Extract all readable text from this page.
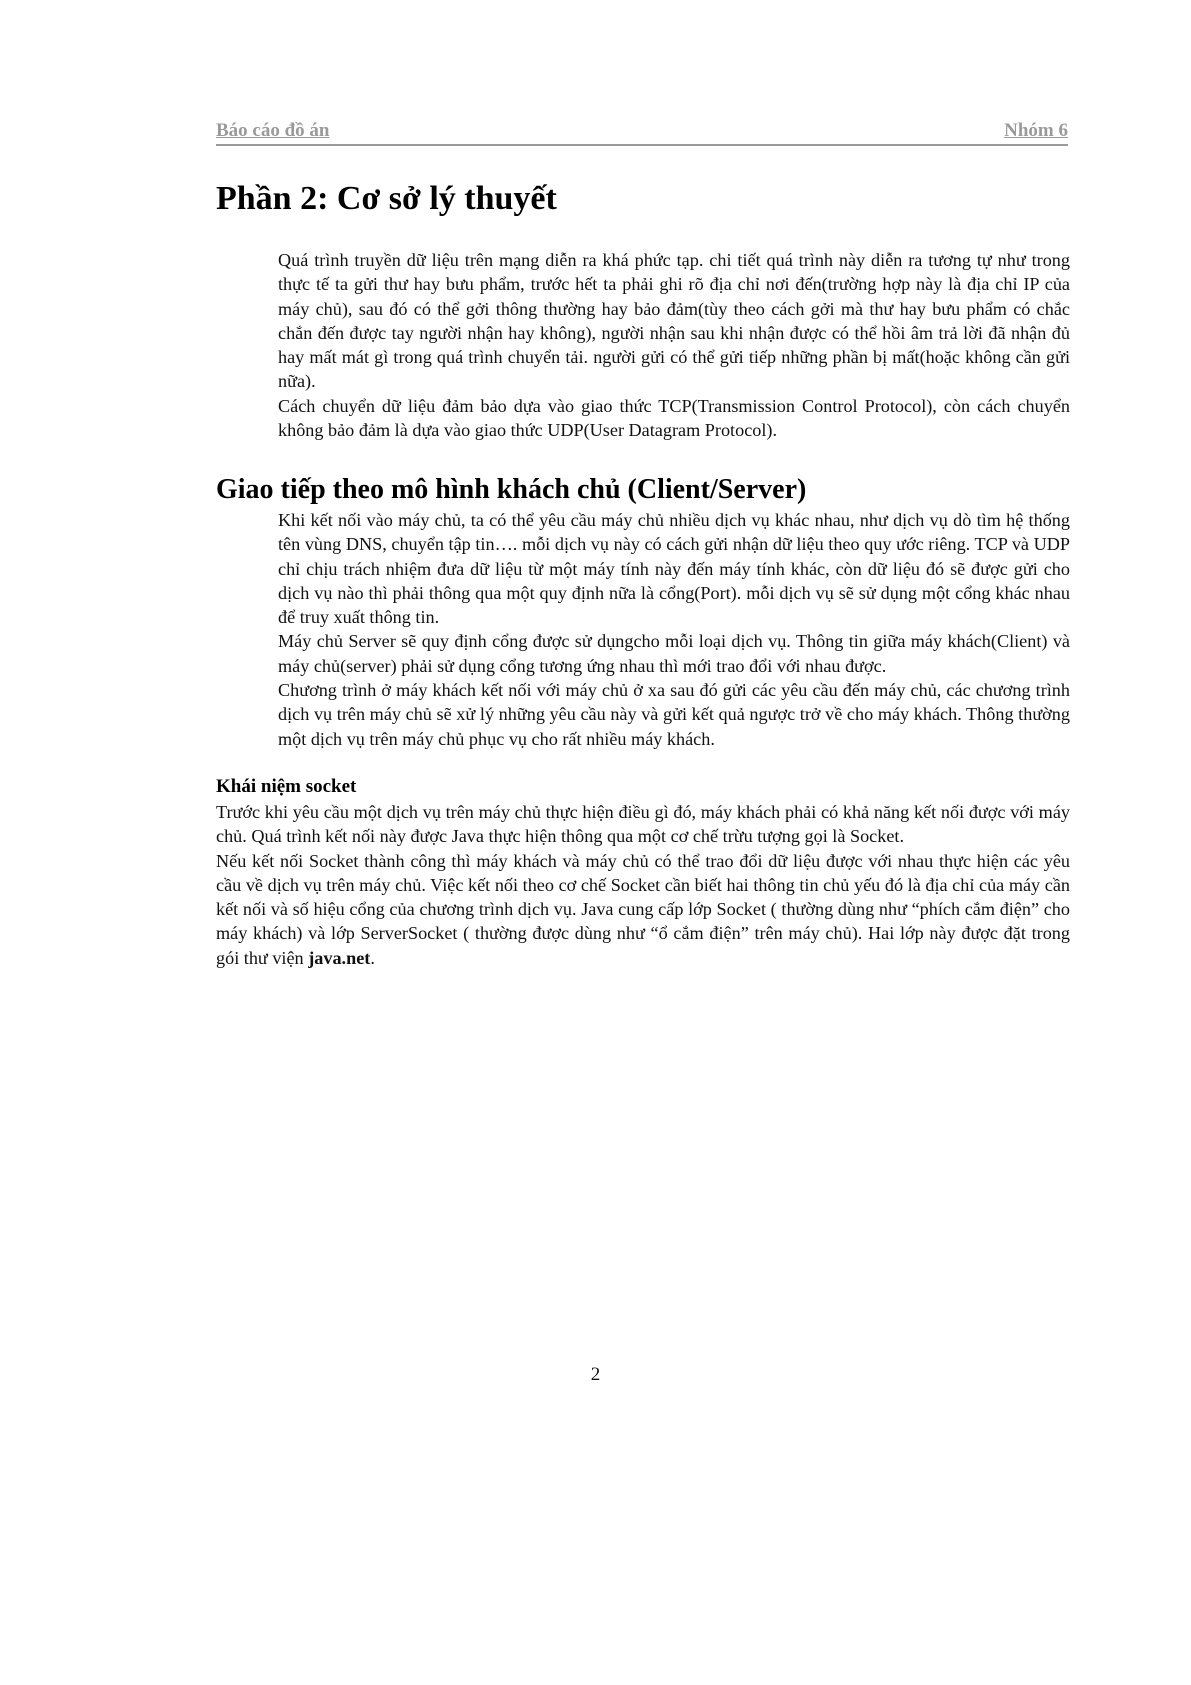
Báo cáo đồ án	Nhóm 6
Phần 2: Cơ sở lý thuyết

Quá trình truyền dữ liệu trên mạng diễn ra khá phức tạp. chi tiết quá trình này diễn ra tương tự như trong thực tế ta gửi thư hay bưu phẩm, trước hết ta phải ghi rõ địa chỉ nơi đến(trường hợp này là địa chỉ IP của máy chủ), sau đó có thể gởi thông thường hay bảo đảm(tùy theo cách gởi mà thư hay bưu phẩm có chắc chắn đến được tay người nhận hay không), người nhận sau khi nhận được có thể hồi âm trả lời đã nhận đủ hay mất mát gì trong quá trình chuyển tải. người gửi có thể gửi tiếp những phần bị mất(hoặc không cần gửi nữa).

Cách chuyển dữ liệu đảm bảo dựa vào giao thức TCP(Transmission Control Protocol), còn cách chuyển không bảo đảm là dựa vào giao thức UDP(User Datagram Protocol).

Giao tiếp theo mô hình khách chủ (Client/Server)

Khi kết nối vào máy chủ, ta có thể yêu cầu máy chủ nhiều dịch vụ khác nhau, như dịch vụ dò tìm hệ thống tên vùng DNS, chuyển tập tin…. mỗi dịch vụ này có cách gửi nhận dữ liệu theo quy ước riêng. TCP và UDP chỉ chịu trách nhiệm đưa dữ liệu từ một máy tính này đến máy tính khác, còn dữ liệu đó sẽ được gửi cho dịch vụ nào thì phải thông qua một quy định nữa là cổng(Port). mỗi dịch vụ sẽ sử dụng một cổng khác nhau để truy xuất thông tin.

Máy chủ Server sẽ quy định cổng được sử dụngcho mỗi loại dịch vụ. Thông tin giữa máy khách(Client) và máy chủ(server) phải sử dụng cổng tương ứng nhau thì mới trao đổi với nhau được.

Chương trình ở máy khách kết nối với máy chủ ở xa sau đó gửi các yêu cầu đến máy chủ, các chương trình dịch vụ trên máy chủ sẽ xử lý những yêu cầu này và gửi kết quả ngược trở về cho máy khách. Thông thường một dịch vụ trên máy chủ phục vụ cho rất nhiều máy khách.

Khái niệm socket

Trước khi yêu cầu một dịch vụ trên máy chủ thực hiện điều gì đó, máy khách phải có khả năng kết nối được với máy chủ. Quá trình kết nối này được Java thực hiện thông qua một cơ chế trừu tượng gọi là Socket.

Nếu kết nối Socket thành công thì máy khách và máy chủ có thể trao đổi dữ liệu được với nhau thực hiện các yêu cầu về dịch vụ trên máy chủ. Việc kết nối theo cơ chế Socket cần biết hai thông tin chủ yếu đó là địa chỉ của máy cần kết nối và số hiệu cổng của chương trình dịch vụ. Java cung cấp lớp Socket ( thường dùng như “phích cắm điện” cho máy khách) và lớp ServerSocket ( thường được dùng như “ổ cắm điện” trên máy chủ). Hai lớp này được đặt trong gói thư viện java.net.

2
